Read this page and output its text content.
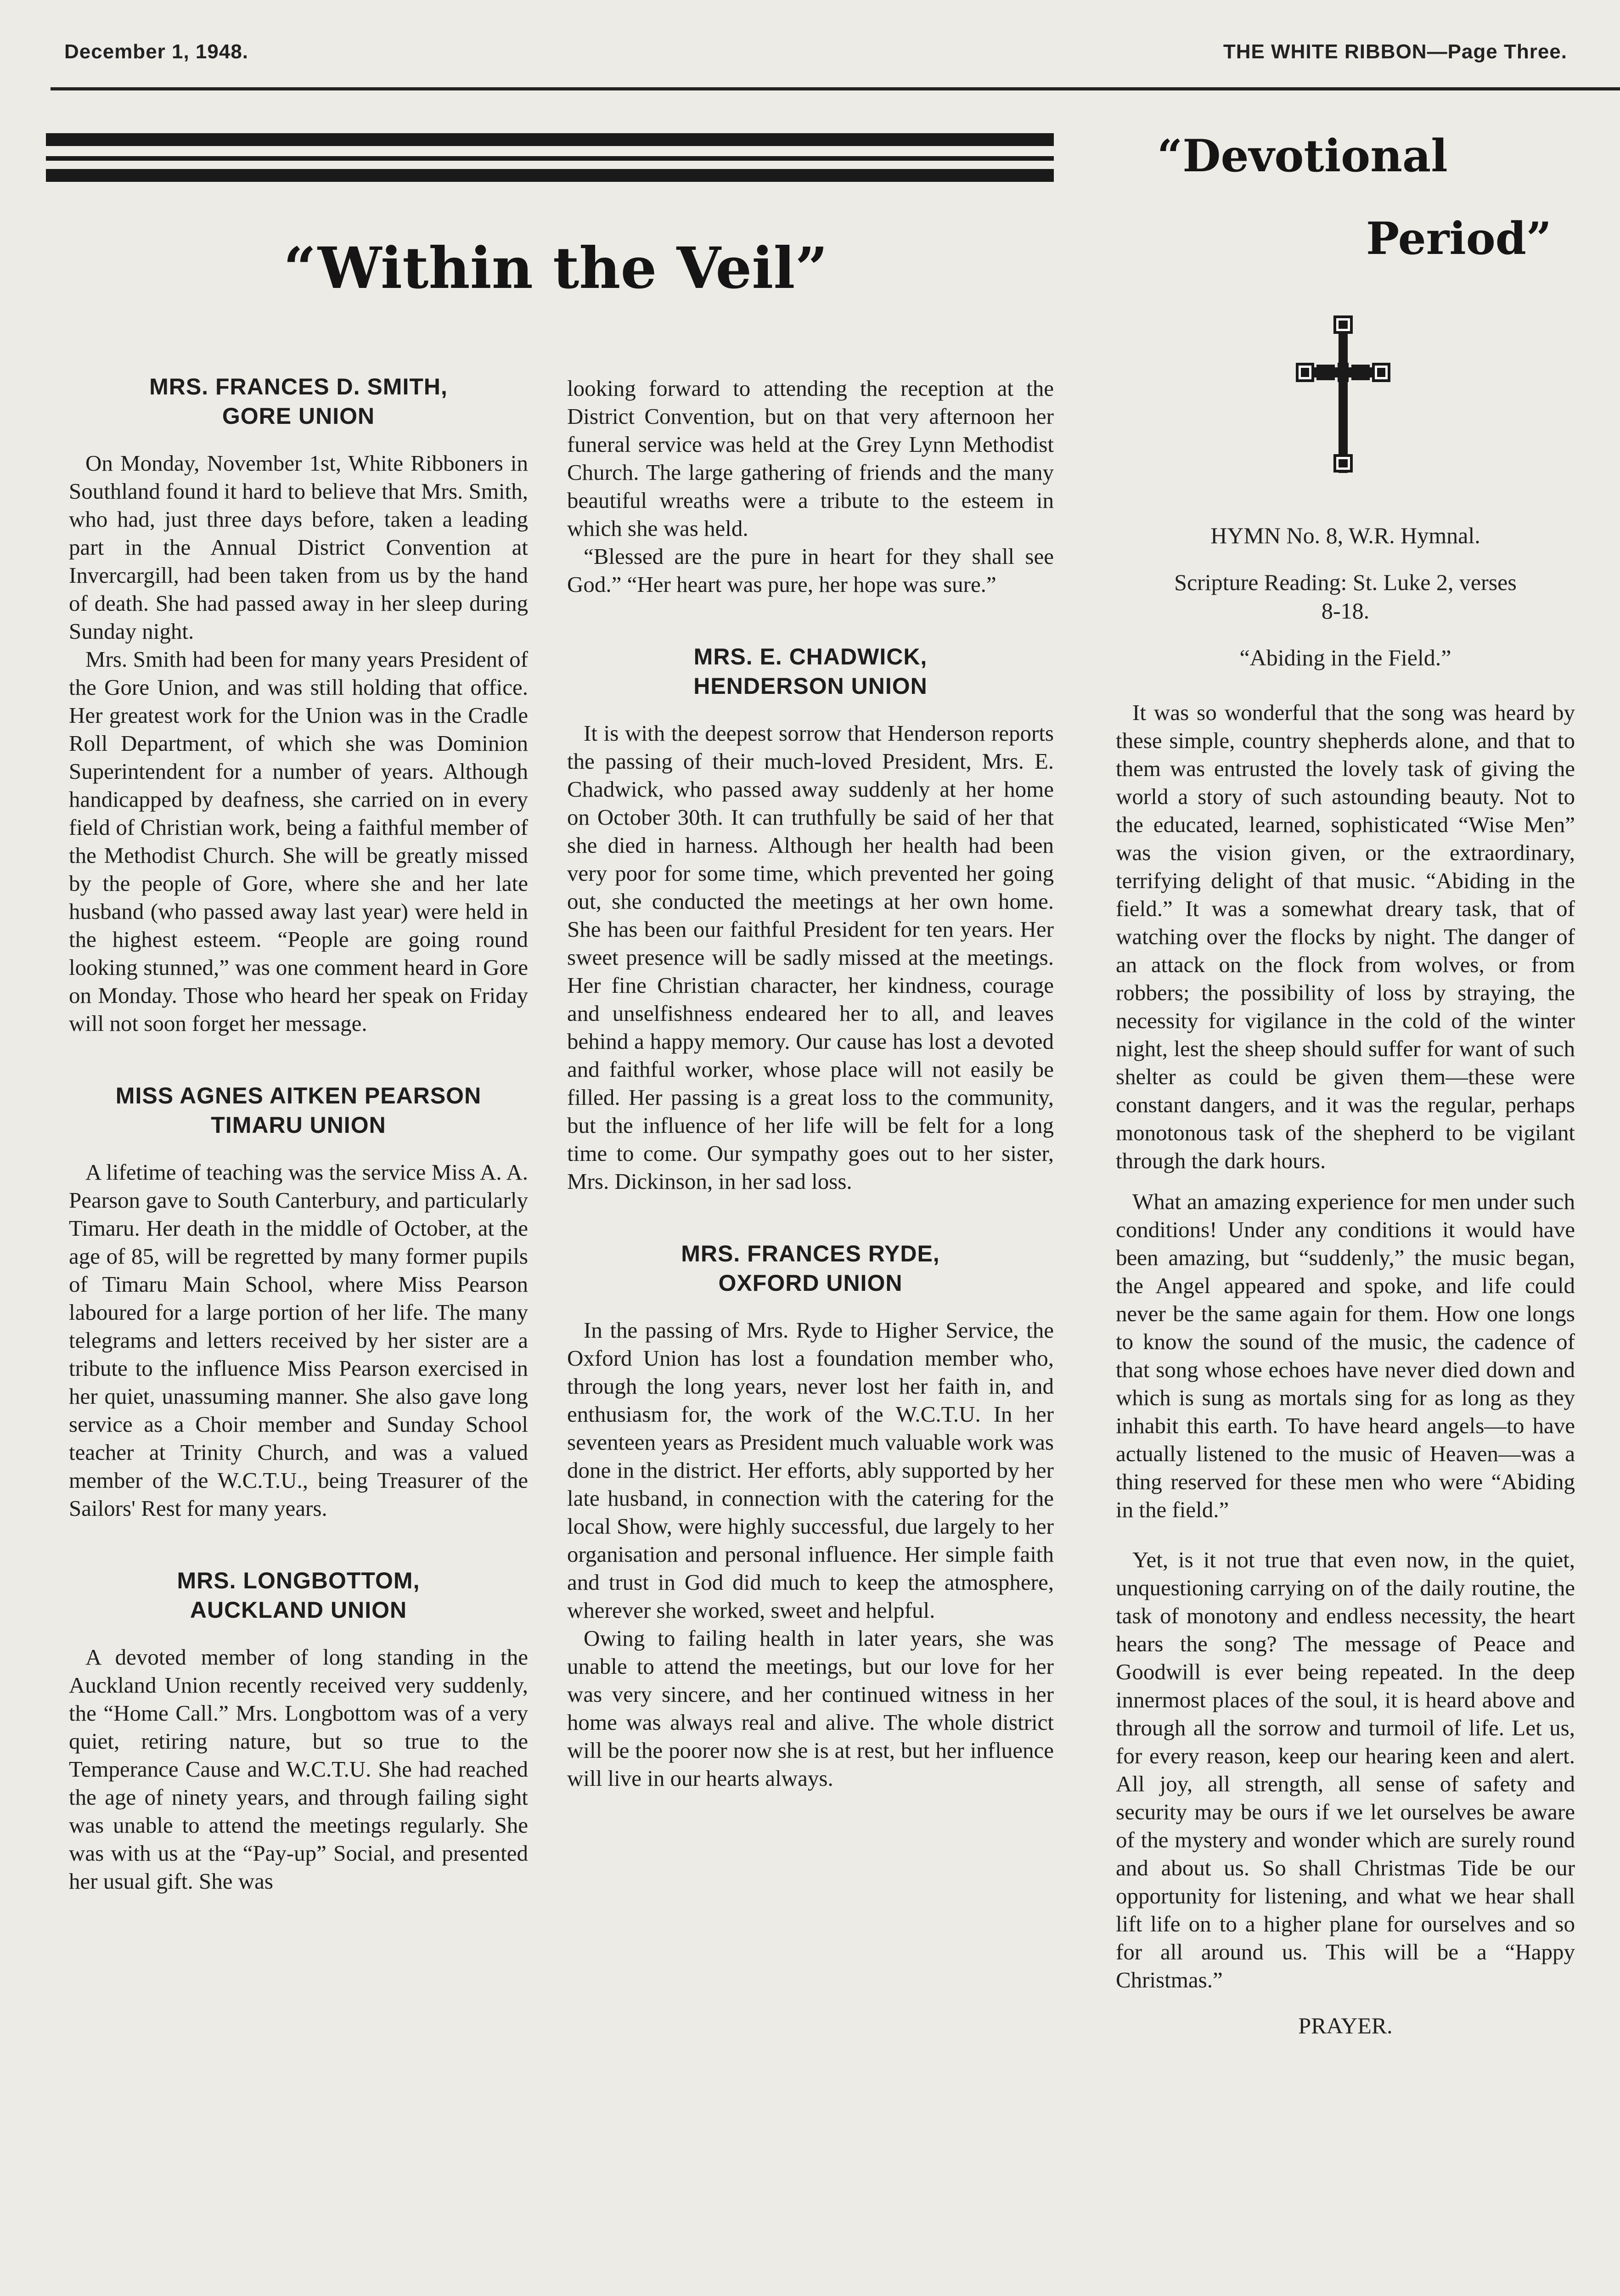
December 1, 1948.	THE WHITE RIBBON—Page Three.
“Within the Veil”
MRS. FRANCES D. SMITH,
GORE UNION

On Monday, November 1st, White Ribboners in Southland found it hard to believe that Mrs. Smith, who had, just three days before, taken a leading part in the Annual District Convention at Invercargill, had been taken from us by the hand of death. She had passed away in her sleep during Sunday night.

Mrs. Smith had been for many years President of the Gore Union, and was still holding that office. Her greatest work for the Union was in the Cradle Roll Department, of which she was Dominion Superintendent for a number of years. Although handicapped by deafness, she carried on in every field of Christian work, being a faithful member of the Methodist Church. She will be greatly missed by the people of Gore, where she and her late husband (who passed away last year) were held in the highest esteem. “People are going round looking stunned,” was one comment heard in Gore on Monday. Those who heard her speak on Friday will not soon forget her message.

MISS AGNES AITKEN PEARSON
TIMARU UNION

A lifetime of teaching was the service Miss A. A. Pearson gave to South Canterbury, and particularly Timaru. Her death in the middle of October, at the age of 85, will be regretted by many former pupils of Timaru Main School, where Miss Pearson laboured for a large portion of her life. The many telegrams and letters received by her sister are a tribute to the influence Miss Pearson exercised in her quiet, unassuming manner. She also gave long service as a Choir member and Sunday School teacher at Trinity Church, and was a valued member of the W.C.T.U., being Treasurer of the Sailors' Rest for many years.

MRS. LONGBOTTOM,
AUCKLAND UNION

A devoted member of long standing in the Auckland Union recently received very suddenly, the “Home Call.” Mrs. Longbottom was of a very quiet, retiring nature, but so true to the Temperance Cause and W.C.T.U. She had reached the age of ninety years, and through failing sight was unable to attend the meetings regularly. She was with us at the “Pay-up” Social, and presented her usual gift. She was

looking forward to attending the reception at the District Convention, but on that very afternoon her funeral service was held at the Grey Lynn Methodist Church. The large gathering of friends and the many beautiful wreaths were a tribute to the esteem in which she was held.

“Blessed are the pure in heart for they shall see God.” “Her heart was pure, her hope was sure.”

MRS. E. CHADWICK,
HENDERSON UNION

It is with the deepest sorrow that Henderson reports the passing of their much-loved President, Mrs. E. Chadwick, who passed away suddenly at her home on October 30th. It can truthfully be said of her that she died in harness. Although her health had been very poor for some time, which prevented her going out, she conducted the meetings at her own home. She has been our faithful President for ten years. Her sweet presence will be sadly missed at the meetings. Her fine Christian character, her kindness, courage and unselfishness endeared her to all, and leaves behind a happy memory. Our cause has lost a devoted and faithful worker, whose place will not easily be filled. Her passing is a great loss to the community, but the influence of her life will be felt for a long time to come. Our sympathy goes out to her sister, Mrs. Dickinson, in her sad loss.

MRS. FRANCES RYDE,
OXFORD UNION

In the passing of Mrs. Ryde to Higher Service, the Oxford Union has lost a foundation member who, through the long years, never lost her faith in, and enthusiasm for, the work of the W.C.T.U. In her seventeen years as President much valuable work was done in the district. Her efforts, ably supported by her late husband, in connection with the catering for the local Show, were highly successful, due largely to her organisation and personal influence. Her simple faith and trust in God did much to keep the atmosphere, wherever she worked, sweet and helpful.

Owing to failing health in later years, she was unable to attend the meetings, but our love for her was very sincere, and her continued witness in her home was always real and alive. The whole district will be the poorer now she is at rest, but her influence will live in our hearts always.

“Devotional
Period”

HYMN No. 8, W.R. Hymnal.

Scripture Reading: St. Luke 2, verses 8-18.

“Abiding in the Field.”

It was so wonderful that the song was heard by these simple, country shepherds alone, and that to them was entrusted the lovely task of giving the world a story of such astounding beauty. Not to the educated, learned, sophisticated “Wise Men” was the vision given, or the extraordinary, terrifying delight of that music. “Abiding in the field.” It was a somewhat dreary task, that of watching over the flocks by night. The danger of an attack on the flock from wolves, or from robbers; the possibility of loss by straying, the necessity for vigilance in the cold of the winter night, lest the sheep should suffer for want of such shelter as could be given them—these were constant dangers, and it was the regular, perhaps monotonous task of the shepherd to be vigilant through the dark hours.

What an amazing experience for men under such conditions! Under any conditions it would have been amazing, but “suddenly,” the music began, the Angel appeared and spoke, and life could never be the same again for them. How one longs to know the sound of the music, the cadence of that song whose echoes have never died down and which is sung as mortals sing for as long as they inhabit this earth. To have heard angels—to have actually listened to the music of Heaven—was a thing reserved for these men who were “Abiding in the field.”

Yet, is it not true that even now, in the quiet, unquestioning carrying on of the daily routine, the task of monotony and endless necessity, the heart hears the song? The message of Peace and Goodwill is ever being repeated. In the deep innermost places of the soul, it is heard above and through all the sorrow and turmoil of life. Let us, for every reason, keep our hearing keen and alert. All joy, all strength, all sense of safety and security may be ours if we let ourselves be aware of the mystery and wonder which are surely round and about us. So shall Christmas Tide be our opportunity for listening, and what we hear shall lift life on to a higher plane for ourselves and so for all around us. This will be a “Happy Christmas.”

PRAYER.
